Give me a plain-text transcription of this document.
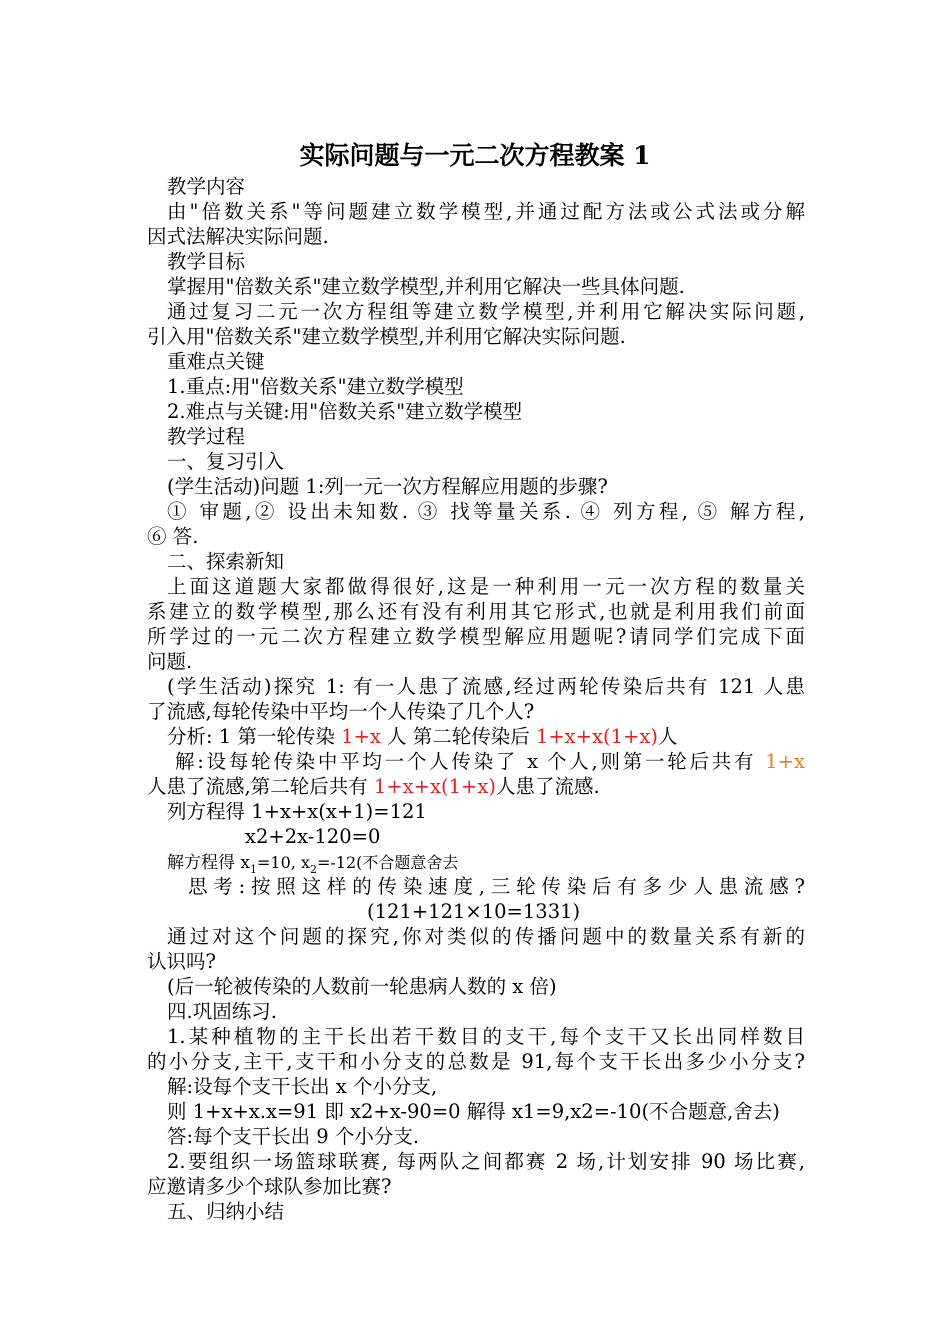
实际问题与一元二次方程教案 1
教学内容
由"倍数关系"等问题建立数学模型,并通过配方法或公式法或分解
因式法解决实际问题.
教学目标
掌握用"倍数关系"建立数学模型,并利用它解决一些具体问题.
通过复习二元一次方程组等建立数学模型,并利用它解决实际问题,
引入用"倍数关系"建立数学模型,并利用它解决实际问题.
重难点关键
1.重点:用"倍数关系"建立数学模型
2.难点与关键:用"倍数关系"建立数学模型
教学过程
一、复习引入
(学生活动)问题 1:列一元一次方程解应用题的步骤?
① 审题,② 设出未知数. ③ 找等量关系. ④ 列方程, ⑤ 解方程,
⑥ 答.
二、探索新知
上面这道题大家都做得很好,这是一种利用一元一次方程的数量关
系建立的数学模型,那么还有没有利用其它形式,也就是利用我们前面
所学过的一元二次方程建立数学模型解应用题呢?请同学们完成下面
问题.
(学生活动)探究 1: 有一人患了流感,经过两轮传染后共有 121 人患
了流感,每轮传染中平均一个人传染了几个人?
分析: 1 第一轮传染 1+x 人 第二轮传染后 1+x+x(1+x)人
解:设每轮传染中平均一个人传染了 x 个人,则第一轮后共有 1+x
人患了流感,第二轮后共有 1+x+x(1+x)人患了流感.
列方程得 1+x+x(x+1)=121
x2+2x-120=0
解方程得 $x_1=10$, $x_2=-12$(不合题意舍去
思考:按照这样的传染速度,三轮传染后有多少人患流感?
(121+121×10=1331)
通过对这个问题的探究,你对类似的传播问题中的数量关系有新的
认识吗?
(后一轮被传染的人数前一轮患病人数的 x 倍)
四.巩固练习.
1.某种植物的主干长出若干数目的支干,每个支干又长出同样数目
的小分支,主干,支干和小分支的总数是 91,每个支干长出多少小分支?
解:设每个支干长出 x 个小分支,
则 1+x+x.x=91 即 x2+x-90=0 解得 x1=9,x2=-10(不合题意,舍去)
答:每个支干长出 9 个小分支.
2.要组织一场篮球联赛, 每两队之间都赛 2 场,计划安排 90 场比赛,
应邀请多少个球队参加比赛?
五、归纳小结
